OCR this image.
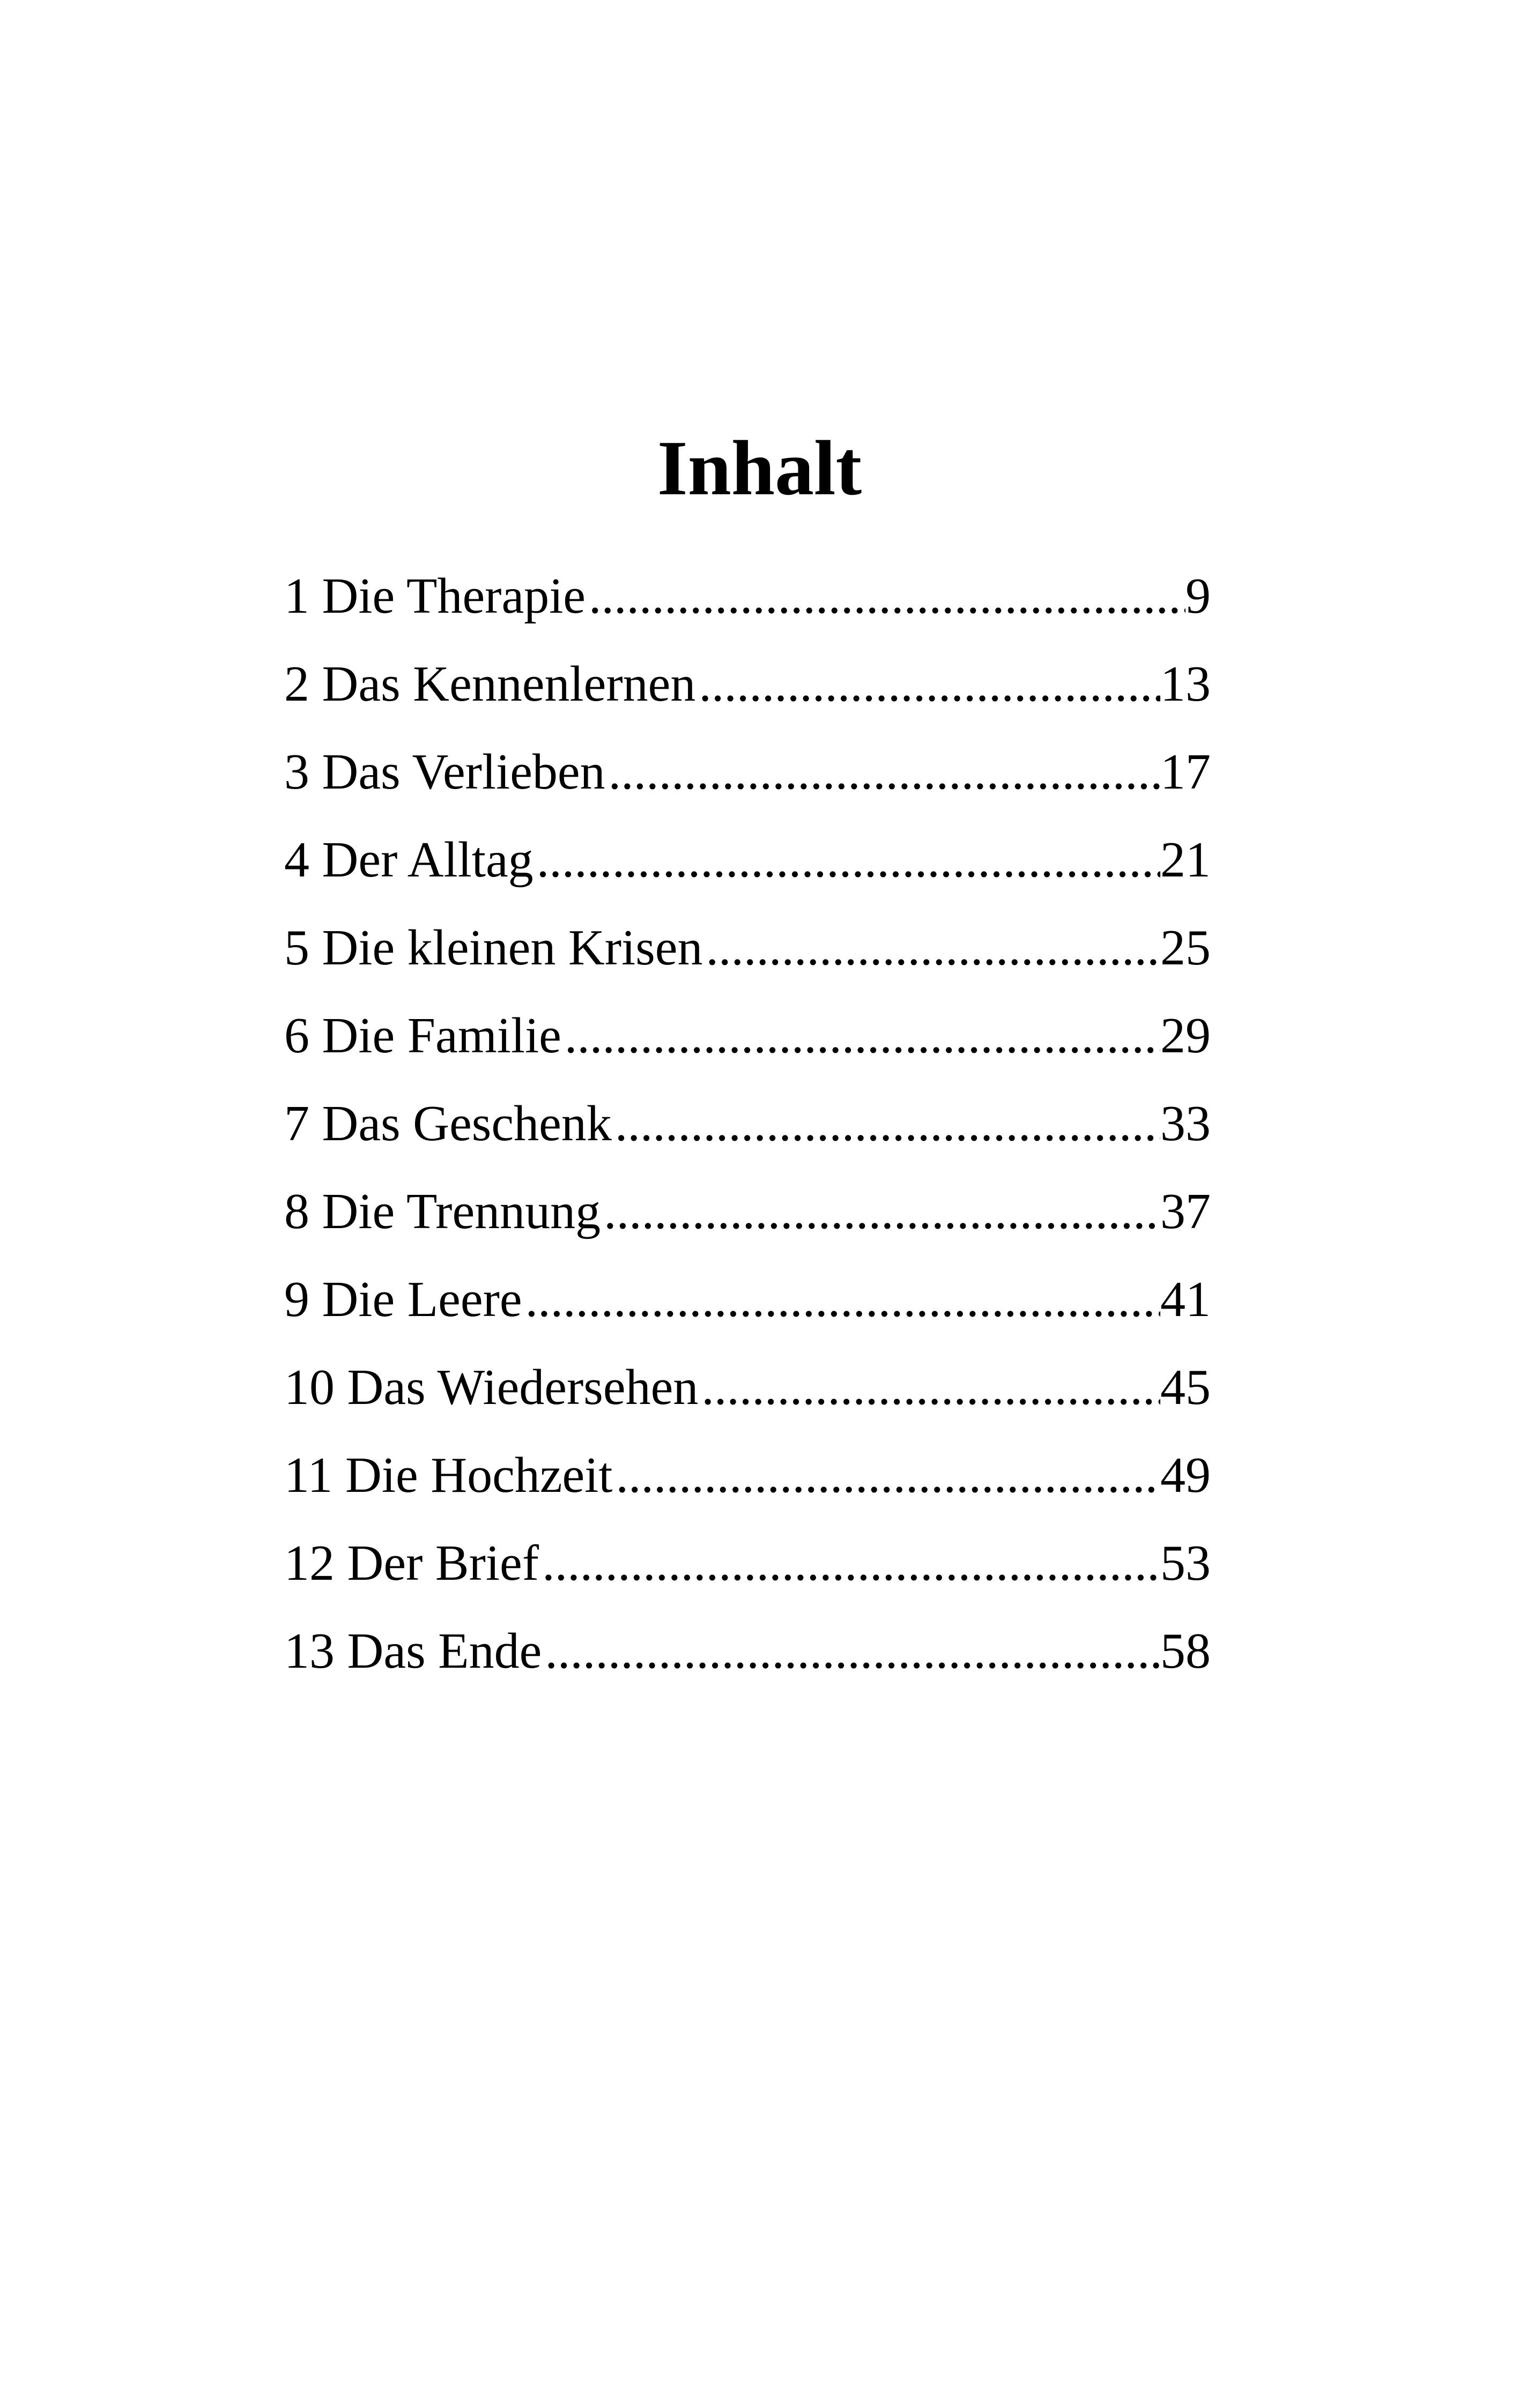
Inhalt
1 Die Therapie .....	9
2 Das Kennenlernen .....	13
3 Das Verlieben .....	17
4 Der Alltag .....	21
5 Die kleinen Krisen .....	25
6 Die Familie .....	29
7 Das Geschenk .....	33
8 Die Trennung .....	37
9 Die Leere .....	41
10 Das Wiedersehen .....	45
11 Die Hochzeit .....	49
12 Der Brief .....	53
13 Das Ende .....	58
